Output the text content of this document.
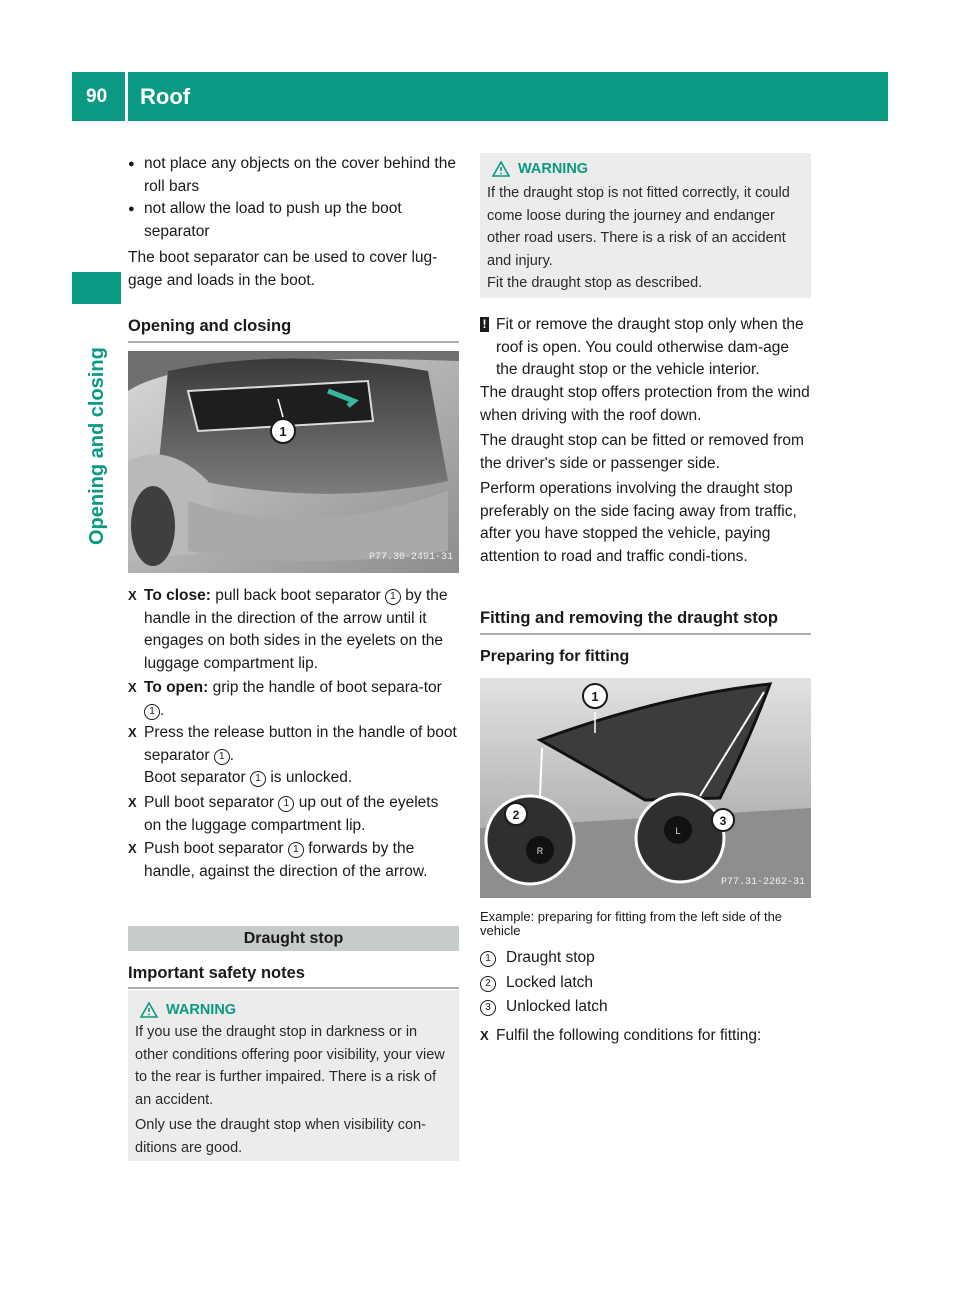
90	Roof
Opening and closing
● not place any objects on the cover behind the roll bars
● not allow the load to push up the boot separator
The boot separator can be used to cover lug-gage and loads in the boot.
Opening and closing
1
P77.30-2491-31
X To close: pull back boot separator 1 by the handle in the direction of the arrow until it engages on both sides in the eyelets on the luggage compartment lip.
X To open: grip the handle of boot separa-tor 1 .
X Press the release button in the handle of boot separator 1 .
Boot separator 1 is unlocked.
X Pull boot separator 1 up out of the eyelets on the luggage compartment lip.
X Push boot separator 1 forwards by the handle, against the direction of the arrow.
Draught stop
Important safety notes
WARNING
If you use the draught stop in darkness or in other conditions offering poor visibility, your view to the rear is further impaired. There is a risk of an accident.
Only use the draught stop when visibility con-ditions are good.
WARNING
If the draught stop is not fitted correctly, it could come loose during the journey and endanger other road users. There is a risk of an accident and injury.
Fit the draught stop as described.
! Fit or remove the draught stop only when the roof is open. You could otherwise dam-age the draught stop or the vehicle interior.
The draught stop offers protection from the wind when driving with the roof down.
The draught stop can be fitted or removed from the driver's side or passenger side.
Perform operations involving the draught stop preferably on the side facing away from traffic, after you have stopped the vehicle, paying attention to road and traffic condi-tions.
Fitting and removing the draught stop
Preparing for fitting
1
R
2
L
3
P77.31-2262-31
Example: preparing for fitting from the left side of the vehicle
1 Draught stop
2 Locked latch
3 Unlocked latch
X Fulfil the following conditions for fitting:
